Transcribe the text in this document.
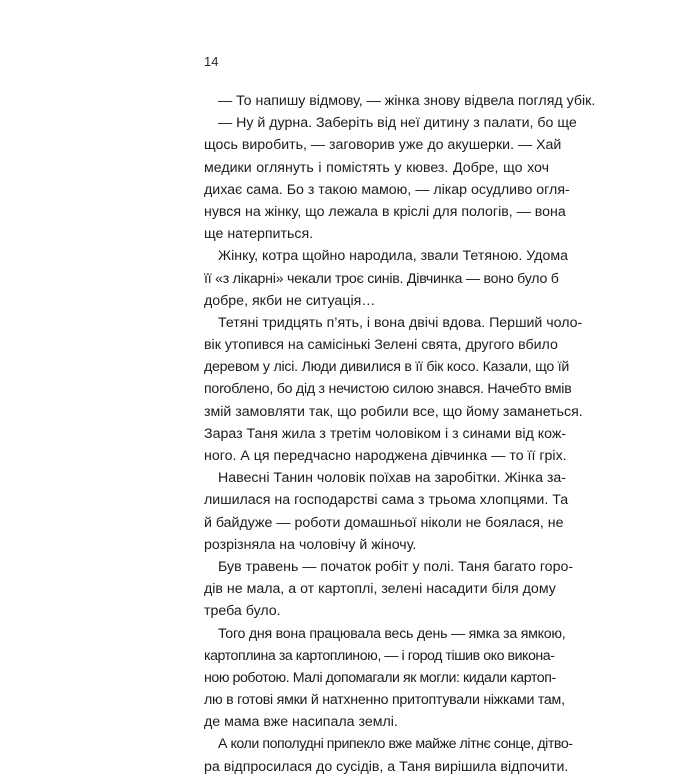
14

— То напишу відмову, — жінка знову відвела погляд убік.

— Ну й дурна. Заберіть від неї дитину з палати, бо ще
щось виробить, — заговорив уже до акушерки. — Хай
медики оглянуть і помістять у кювез. Добре, що хоч
дихає сама. Бо з такою мамою, — лікар осудливо огля-
нувся на жінку, що лежала в кріслі для пологів, — вона
ще натерпиться.

Жінку, котра щойно народила, звали Тетяною. Удома
її «з лікарні» чекали троє синів. Дівчинка — воно було б
добре, якби не ситуація…

Тетяні тридцять п’ять, і вона двічі вдова. Перший чоло-
вік утопився на самісінькі Зелені свята, другого вбило
деревом у лісі. Люди дивилися в її бік косо. Казали, що їй
поroблено, бо дід з нечистою силою знався. Начебто вмів
змій замовляти так, що робили все, що йому заманеться.
Зараз Таня жила з третім чоловіком і з синами від кож-
ного. А ця передчасно народжена дівчинка — то її гріх.

Навесні Танин чоловік поїхав на заробітки. Жінка за-
лишилася на господарстві сама з трьома хлопцями. Та
й байдуже — роботи домашньої ніколи не боялася, не
розрізняла на чоловічу й жіночу.

Був травень — початок робіт у полі. Таня багато горо-
дів не мала, а от картоплі, зелені насадити біля дому
треба було.

Того дня вона працювала весь день — ямка за ямкою,
картоплина за картоплиною, — і город тішив око викона-
ною роботою. Малі допомагали як могли: кидали картоп-
лю в готові ямки й натхненно притоптували ніжками там,
де мама вже насипала землі.

А коли пополудні припекло вже майже літнє сонце, дітво-
ра відпросилася до сусідів, а Таня вирішила відпочити.
